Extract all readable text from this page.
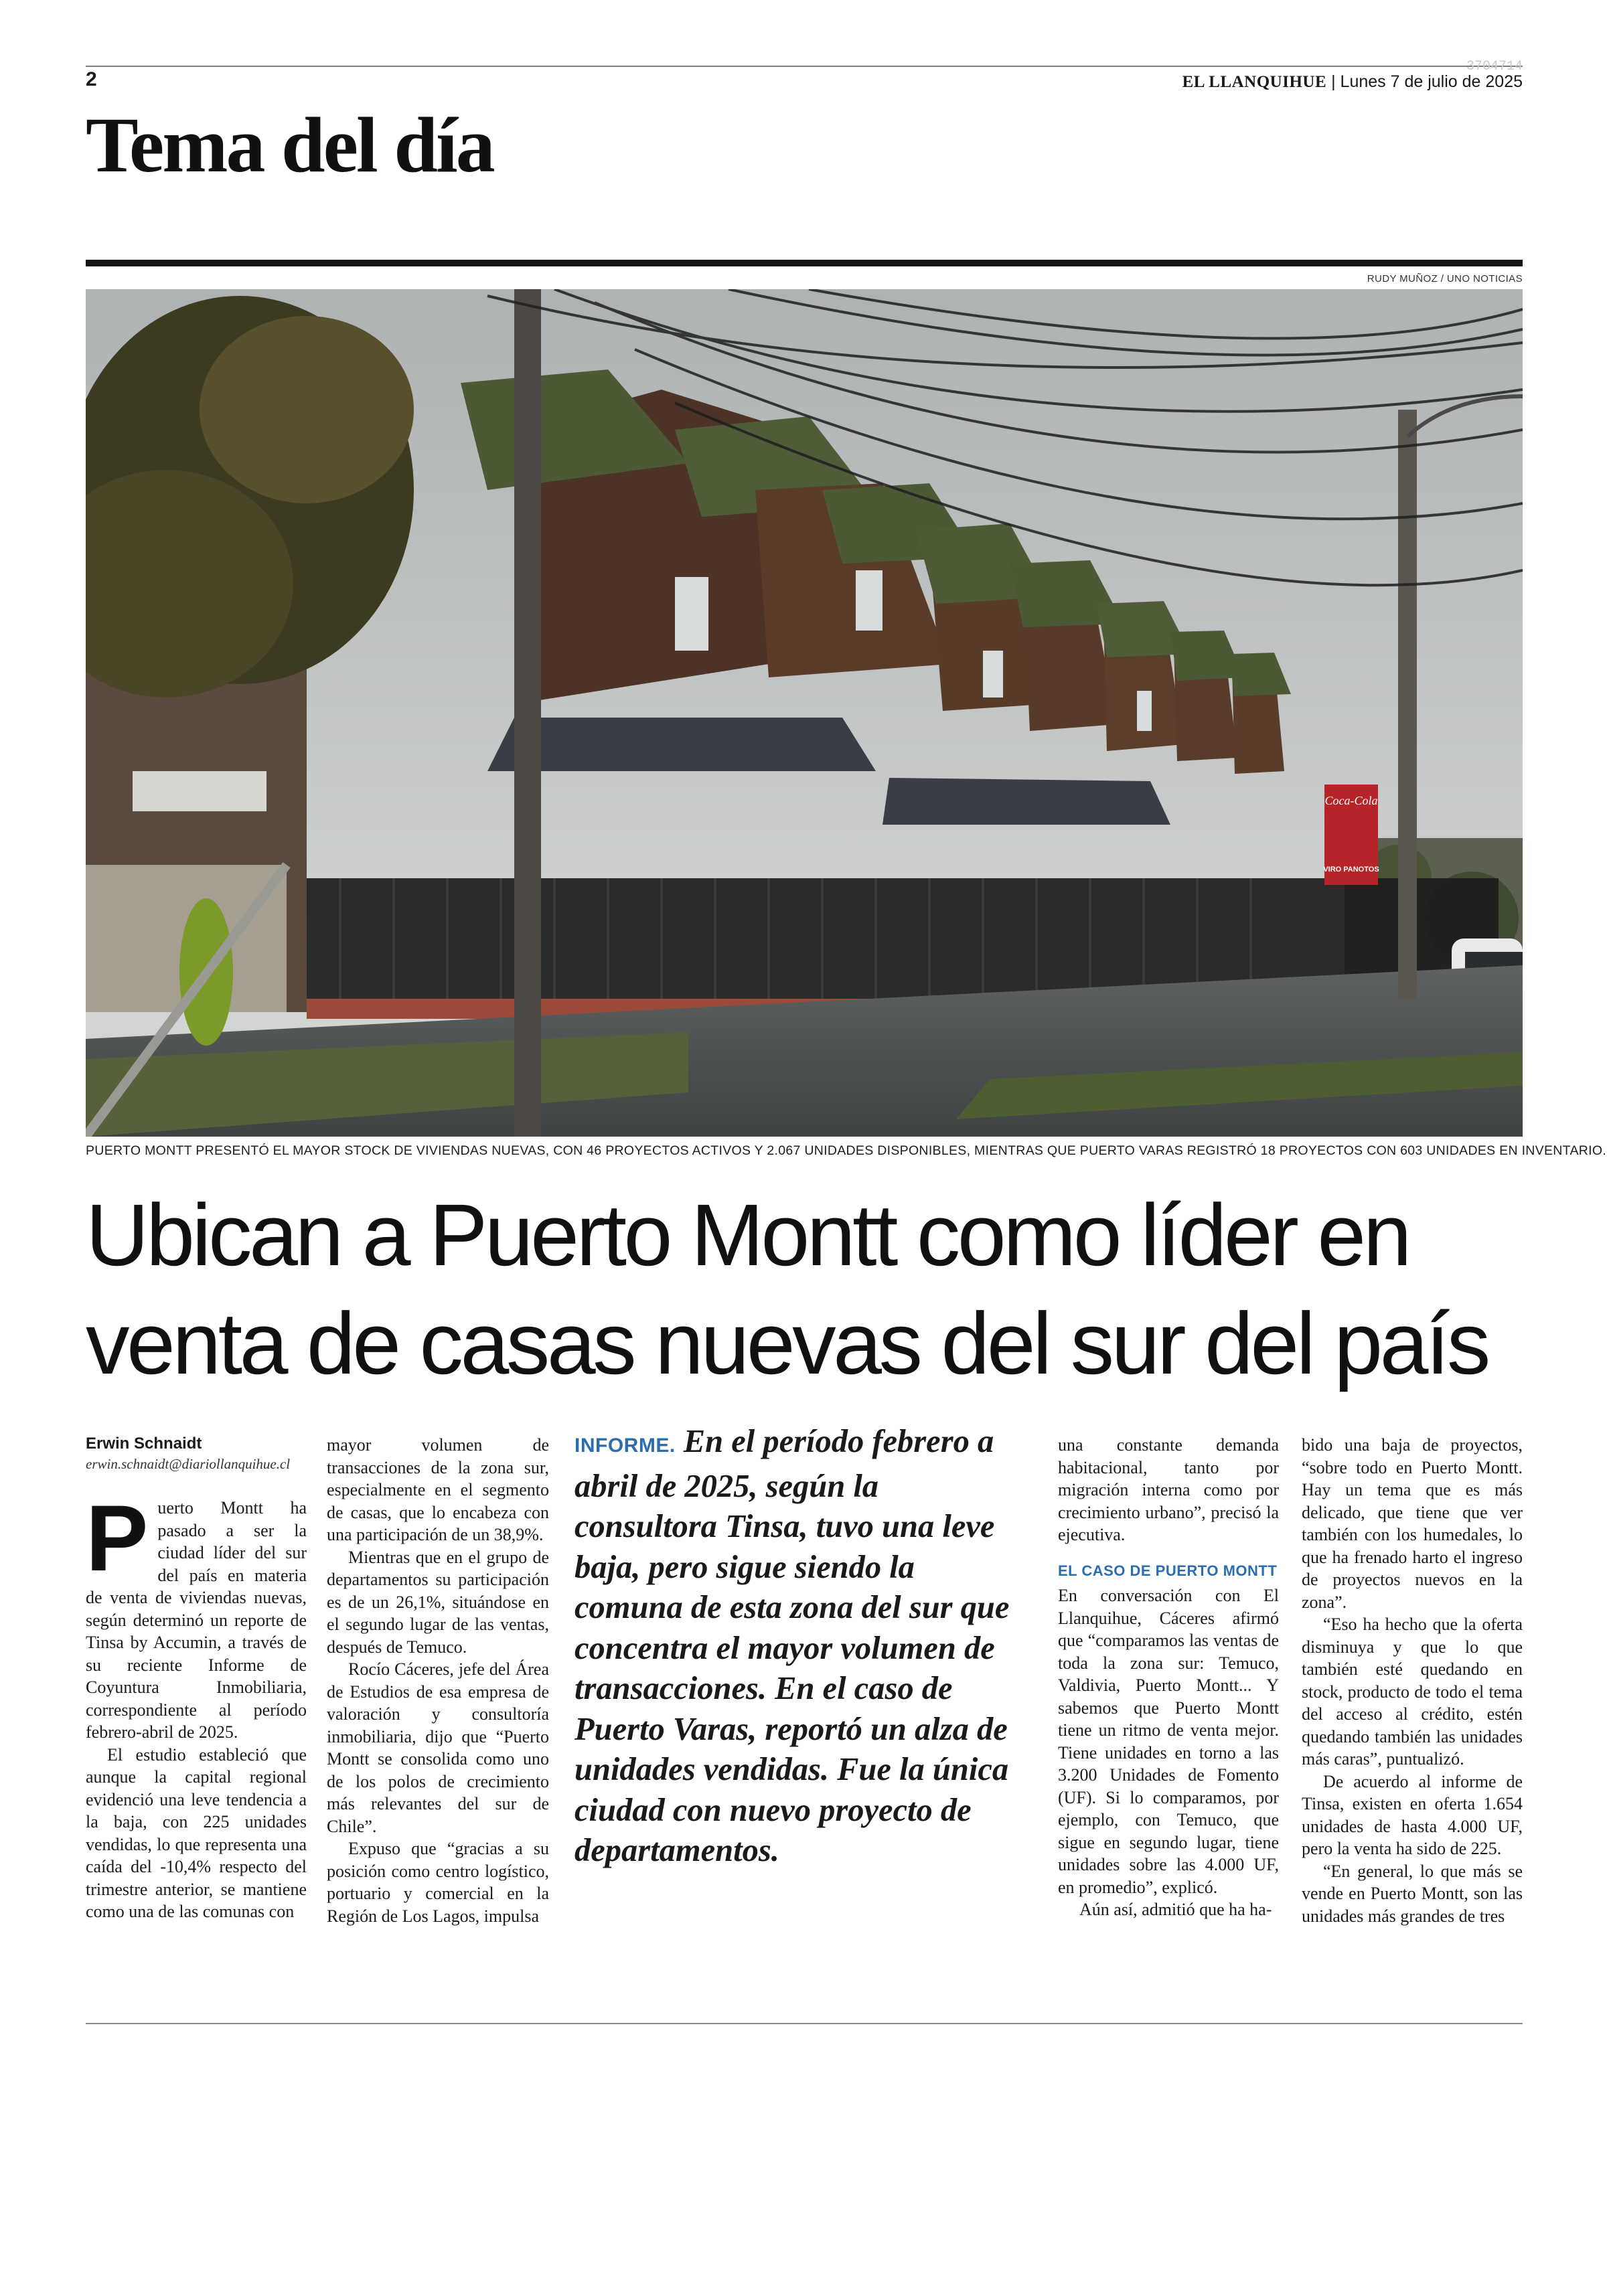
2
3704714
EL LLANQUIHUE | Lunes 7 de julio de 2025
Tema del día
RUDY MUÑOZ / UNO NOTICIAS
Coca-Cola
VIRO PANOTOS
PUERTO MONTT PRESENTÓ EL MAYOR STOCK DE VIVIENDAS NUEVAS, CON 46 PROYECTOS ACTIVOS Y 2.067 UNIDADES DISPONIBLES, MIENTRAS QUE PUERTO VARAS REGISTRÓ 18 PROYECTOS CON 603 UNIDADES EN INVENTARIO.
Ubican a Puerto Montt como líder en
venta de casas nuevas del sur del país
Erwin Schnaidt
erwin.schnaidt@diariollanquihue.cl

Puerto Montt ha pasado a ser la ciudad líder del sur del país en materia de venta de viviendas nuevas, según determinó un reporte de Tinsa by Accumin, a través de su reciente Informe de Coyuntura Inmobiliaria, correspondiente al período febrero-abril de 2025.

El estudio estableció que aunque la capital regional evidenció una leve tendencia a la baja, con 225 unidades vendidas, lo que representa una caída del -10,4% respecto del trimestre anterior, se mantiene como una de las comunas con

mayor volumen de transacciones de la zona sur, especialmente en el segmento de casas, que lo encabeza con una participación de un 38,9%.

Mientras que en el grupo de departamentos su participación es de un 26,1%, situándose en el segundo lugar de las ventas, después de Temuco.

Rocío Cáceres, jefe del Área de Estudios de esa empresa de valoración y consultoría inmobiliaria, dijo que “Puerto Montt se consolida como uno de los polos de crecimiento más relevantes del sur de Chile”.

Expuso que “gracias a su posición como centro logístico, portuario y comercial en la Región de Los Lagos, impulsa

INFORME. En el período febrero a abril de 2025, según la consultora Tinsa, tuvo una leve baja, pero sigue siendo la comuna de esta zona del sur que concentra el mayor volumen de transacciones. En el caso de Puerto Varas, reportó un alza de unidades vendidas. Fue la única ciudad con nuevo proyecto de departamentos.

una constante demanda habitacional, tanto por migración interna como por crecimiento urbano”, precisó la ejecutiva.

EL CASO DE PUERTO MONTT

En conversación con El Llanquihue, Cáceres afirmó que “comparamos las ventas de toda la zona sur: Temuco, Valdivia, Puerto Montt... Y sabemos que Puerto Montt tiene un ritmo de venta mejor. Tiene unidades en torno a las 3.200 Unidades de Fomento (UF). Si lo comparamos, por ejemplo, con Temuco, que sigue en segundo lugar, tiene unidades sobre las 4.000 UF, en promedio”, explicó.

Aún así, admitió que ha ha-

bido una baja de proyectos, “sobre todo en Puerto Montt. Hay un tema que es más delicado, que tiene que ver también con los humedales, lo que ha frenado harto el ingreso de proyectos nuevos en la zona”.

“Eso ha hecho que la oferta disminuya y que lo que también esté quedando en stock, producto de todo el tema del acceso al crédito, estén quedando también las unidades más caras”, puntualizó.

De acuerdo al informe de Tinsa, existen en oferta 1.654 unidades de hasta 4.000 UF, pero la venta ha sido de 225.

“En general, lo que más se vende en Puerto Montt, son las unidades más grandes de tres
